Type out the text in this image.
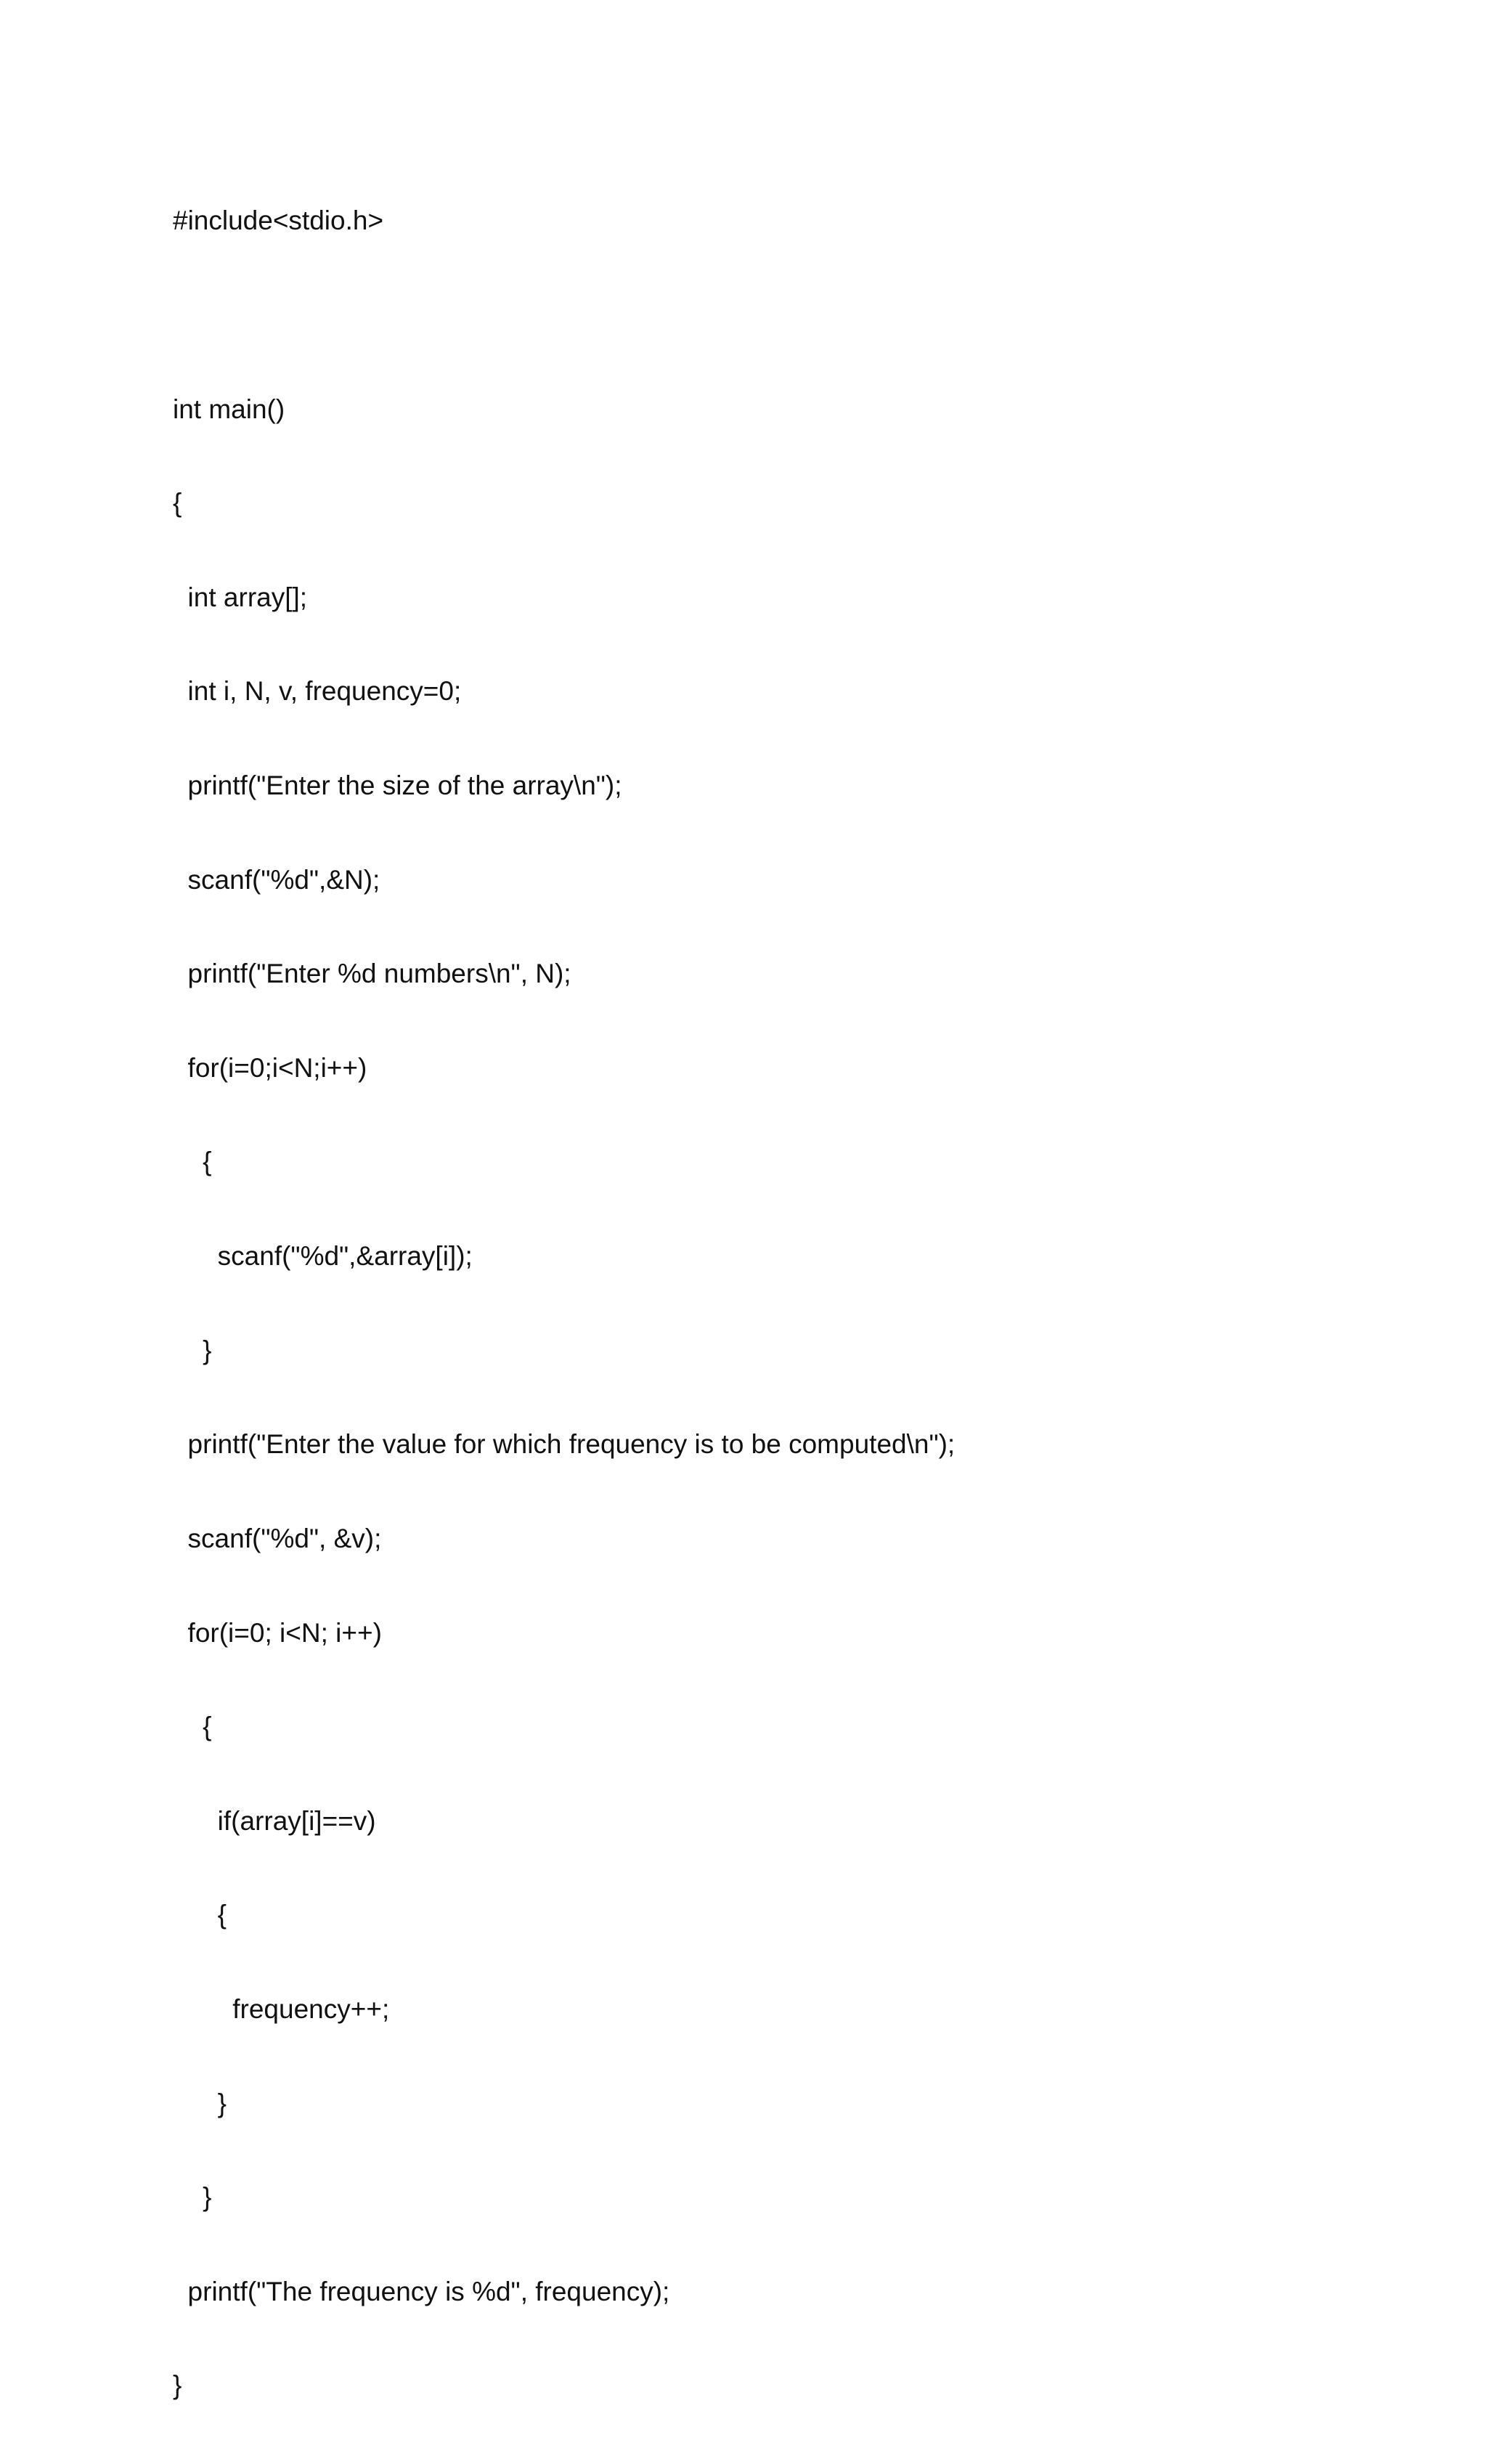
#include<stdio.h>

int main()

{

int array[];

int i, N, v, frequency=0;

printf("Enter the size of the array\n");

scanf("%d",&N);

printf("Enter %d numbers\n", N);

for(i=0;i<N;i++)

{

scanf("%d",&array[i]);

}

printf("Enter the value for which frequency is to be computed\n");

scanf("%d", &v);

for(i=0; i<N; i++)

{

if(array[i]==v)

{

frequency++;

}

}

printf("The frequency is %d", frequency);

}
